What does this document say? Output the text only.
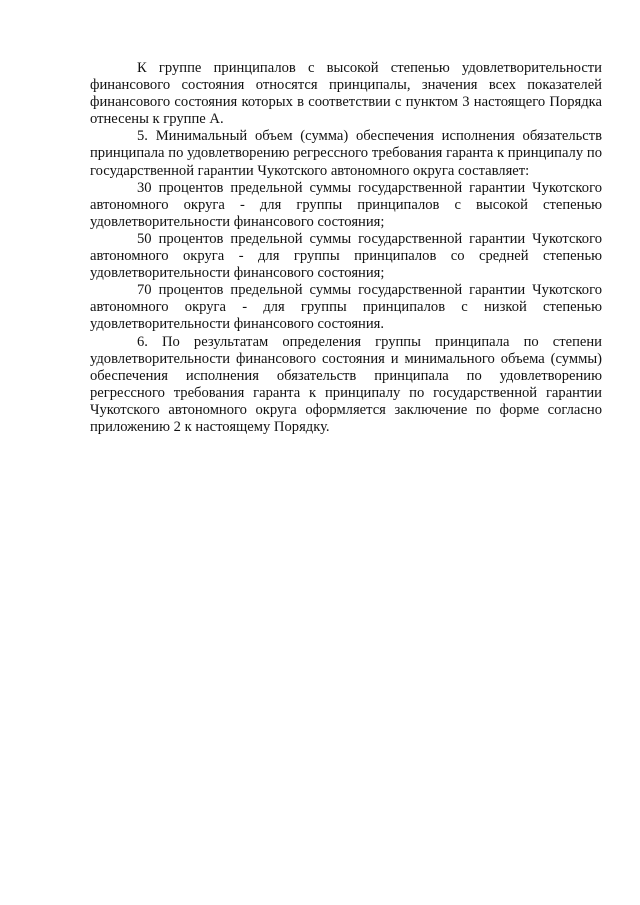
К группе принципалов с высокой степенью удовлетворительности финансового состояния относятся принципалы, значения всех показателей финансового состояния которых в соответствии с пунктом 3 настоящего Порядка отнесены к группе А.

5. Минимальный объем (сумма) обеспечения исполнения обязательств принципала по удовлетворению регрессного требования гаранта к принципалу по государственной гарантии Чукотского автономного округа составляет:

30 процентов предельной суммы государственной гарантии Чукотского автономного округа - для группы принципалов с высокой степенью удовлетворительности финансового состояния;

50 процентов предельной суммы государственной гарантии Чукотского автономного округа - для группы принципалов со средней степенью удовлетворительности финансового состояния;

70 процентов предельной суммы государственной гарантии Чукотского автономного округа - для группы принципалов с низкой степенью удовлетворительности финансового состояния.

6. По результатам определения группы принципала по степени удовлетворительности финансового состояния и минимального объема (суммы) обеспечения исполнения обязательств принципала по удовлетворению регрессного требования гаранта к принципалу по государственной гарантии Чукотского автономного округа оформляется заключение по форме согласно приложению 2 к настоящему Порядку.
